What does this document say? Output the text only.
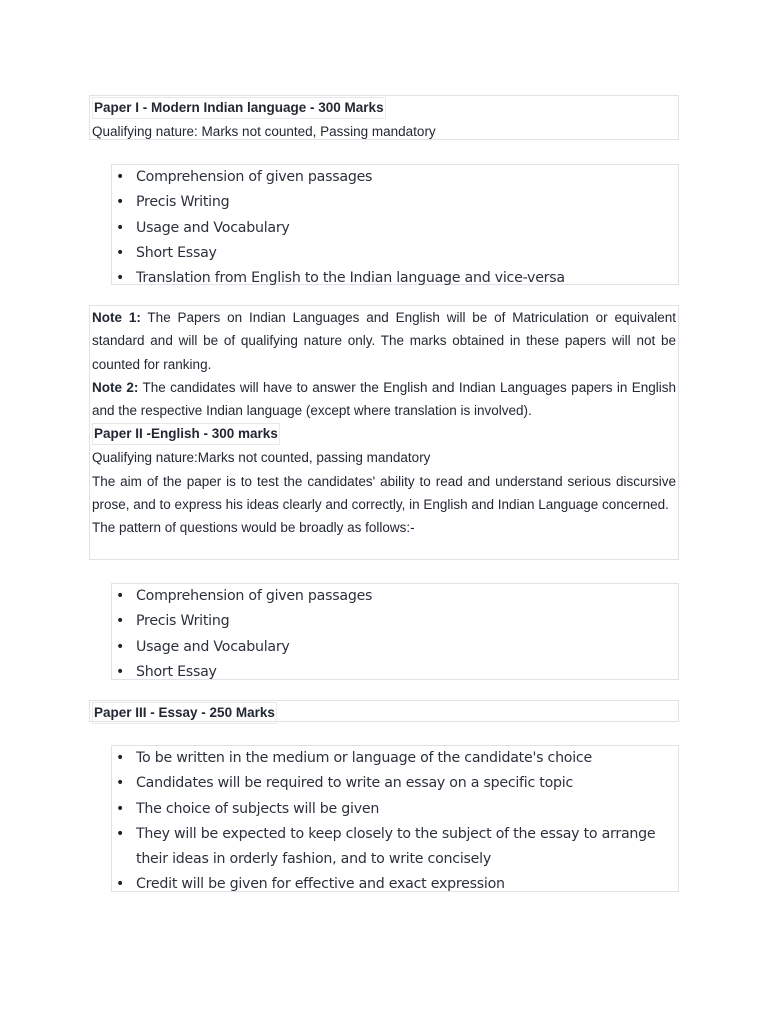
Paper I - Modern Indian language - 300 Marks
Qualifying nature: Marks not counted, Passing mandatory
• Comprehension of given passages
• Precis Writing
• Usage and Vocabulary
• Short Essay
• Translation from English to the Indian language and vice-versa
Note 1: The Papers on Indian Languages and English will be of Matriculation or equivalent standard and will be of qualifying nature only. The marks obtained in these papers will not be counted for ranking.
Note 2: The candidates will have to answer the English and Indian Languages papers in English and the respective Indian language (except where translation is involved).
Paper II -English - 300 marks
Qualifying nature:Marks not counted, passing mandatory
The aim of the paper is to test the candidates' ability to read and understand serious discursive prose, and to express his ideas clearly and correctly, in English and Indian Language concerned.
The pattern of questions would be broadly as follows:-
• Comprehension of given passages
• Precis Writing
• Usage and Vocabulary
• Short Essay
Paper III - Essay - 250 Marks
• To be written in the medium or language of the candidate's choice
• Candidates will be required to write an essay on a specific topic
• The choice of subjects will be given
• They will be expected to keep closely to the subject of the essay to arrange their ideas in orderly fashion, and to write concisely
• Credit will be given for effective and exact expression
